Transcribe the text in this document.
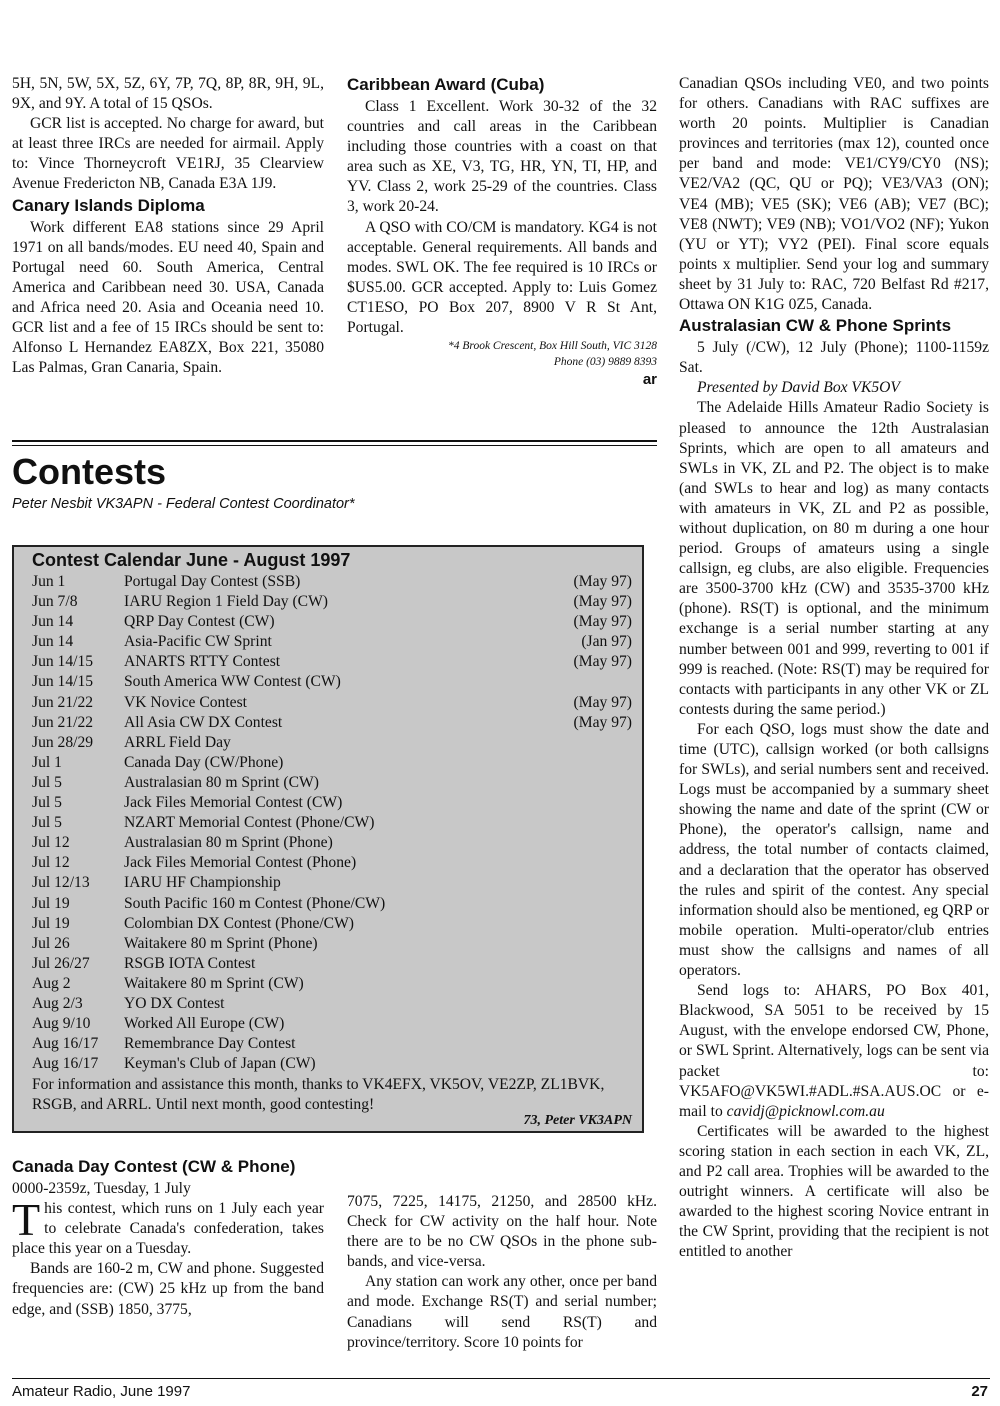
5H, 5N, 5W, 5X, 5Z, 6Y, 7P, 7Q, 8P, 8R, 9H, 9L, 9X, and 9Y. A total of 15 QSOs.

GCR list is accepted. No charge for award, but at least three IRCs are needed for airmail. Apply to: Vince Thorneycroft VE1RJ, 35 Clearview Avenue Fredericton NB, Canada E3A 1J9.

Canary Islands Diploma

Work different EA8 stations since 29 April 1971 on all bands/modes. EU need 40, Spain and Portugal need 60. South America, Central America and Caribbean need 30. USA, Canada and Africa need 20. Asia and Oceania need 10. GCR list and a fee of 15 IRCs should be sent to: Alfonso L Hernandez EA8ZX, Box 221, 35080 Las Palmas, Gran Canaria, Spain.

Caribbean Award (Cuba)

Class 1 Excellent. Work 30-32 of the 32 countries and call areas in the Caribbean including those countries with a coast on that area such as XE, V3, TG, HR, YN, TI, HP, and YV. Class 2, work 25-29 of the countries. Class 3, work 20-24.

A QSO with CO/CM is mandatory. KG4 is not acceptable. General requirements. All bands and modes. SWL OK. The fee required is 10 IRCs or $US5.00. GCR accepted. Apply to: Luis Gomez CT1ESO, PO Box 207, 8900 V R St Ant, Portugal.

*4 Brook Crescent, Box Hill South, VIC 3128
Phone (03) 9889 8393
ar
Contests
Peter Nesbit VK3APN - Federal Contest Coordinator*
Contest Calendar June - August 1997
Jun 1	Portugal Day Contest (SSB)	(May 97)
Jun 7/8	IARU Region 1 Field Day (CW)	(May 97)
Jun 14	QRP Day Contest (CW)	(May 97)
Jun 14	Asia-Pacific CW Sprint	(Jan 97)
Jun 14/15 ANARTS RTTY Contest	(May 97)
Jun 14/15 South America WW Contest (CW)
Jun 21/22 VK Novice Contest	(May 97)
Jun 21/22 All Asia CW DX Contest	(May 97)
Jun 28/29 ARRL Field Day
Jul 1	Canada Day (CW/Phone)
Jul 5	Australasian 80 m Sprint (CW)
Jul 5	Jack Files Memorial Contest (CW)
Jul 5	NZART Memorial Contest (Phone/CW)
Jul 12	Australasian 80 m Sprint (Phone)
Jul 12	Jack Files Memorial Contest (Phone)
Jul 12/13 IARU HF Championship
Jul 19	South Pacific 160 m Contest (Phone/CW)
Jul 19	Colombian DX Contest (Phone/CW)
Jul 26	Waitakere 80 m Sprint (Phone)
Jul 26/27 RSGB IOTA Contest
Aug 2	Waitakere 80 m Sprint (CW)
Aug 2/3	YO DX Contest
Aug 9/10 Worked All Europe (CW)
Aug 16/17 Remembrance Day Contest
Aug 16/17 Keyman's Club of Japan (CW)
For information and assistance this month, thanks to VK4EFX, VK5OV, VE2ZP, ZL1BVK, RSGB, and ARRL. Until next month, good contesting!
73, Peter VK3APN
Canada Day Contest (CW & Phone)

0000-2359z, Tuesday, 1 July

This contest, which runs on 1 July each year to celebrate Canada's confederation, takes place this year on a Tuesday.

Bands are 160-2 m, CW and phone. Suggested frequencies are: (CW) 25 kHz up from the band edge, and (SSB) 1850, 3775,

7075, 7225, 14175, 21250, and 28500 kHz. Check for CW activity on the half hour. Note there are to be no CW QSOs in the phone sub-bands, and vice-versa.

Any station can work any other, once per band and mode. Exchange RS(T) and serial number; Canadians will send RS(T) and province/territory. Score 10 points for

Canadian QSOs including VE0, and two points for others. Canadians with RAC suffixes are worth 20 points. Multiplier is Canadian provinces and territories (max 12), counted once per band and mode: VE1/CY9/CY0 (NS); VE2/VA2 (QC, QU or PQ); VE3/VA3 (ON); VE4 (MB); VE5 (SK); VE6 (AB); VE7 (BC); VE8 (NWT); VE9 (NB); VO1/VO2 (NF); Yukon (YU or YT); VY2 (PEI). Final score equals points x multiplier. Send your log and summary sheet by 31 July to: RAC, 720 Belfast Rd #217, Ottawa ON K1G 0Z5, Canada.

Australasian CW & Phone Sprints

5 July (/CW), 12 July (Phone); 1100-1159z Sat.

Presented by David Box VK5OV

The Adelaide Hills Amateur Radio Society is pleased to announce the 12th Australasian Sprints, which are open to all amateurs and SWLs in VK, ZL and P2. The object is to make (and SWLs to hear and log) as many contacts with amateurs in VK, ZL and P2 as possible, without duplication, on 80 m during a one hour period. Groups of amateurs using a single callsign, eg clubs, are also eligible. Frequencies are 3500-3700 kHz (CW) and 3535-3700 kHz (phone). RS(T) is optional, and the minimum exchange is a serial number starting at any number between 001 and 999, reverting to 001 if 999 is reached. (Note: RS(T) may be required for contacts with participants in any other VK or ZL contests during the same period.)

For each QSO, logs must show the date and time (UTC), callsign worked (or both callsigns for SWLs), and serial numbers sent and received. Logs must be accompanied by a summary sheet showing the name and date of the sprint (CW or Phone), the operator's callsign, name and address, the total number of contacts claimed, and a declaration that the operator has observed the rules and spirit of the contest. Any special information should also be mentioned, eg QRP or mobile operation. Multi-operator/club entries must show the callsigns and names of all operators.

Send logs to: AHARS, PO Box 401, Blackwood, SA 5051 to be received by 15 August, with the envelope endorsed CW, Phone, or SWL Sprint. Alternatively, logs can be sent via packet to: VK5AFO@VK5WI.#ADL.#SA.AUS.OC or e-mail to cavidj@picknowl.com.au

Certificates will be awarded to the highest scoring station in each section in each VK, ZL, and P2 call area. Trophies will be awarded to the outright winners. A certificate will also be awarded to the highest scoring Novice entrant in the CW Sprint, providing that the recipient is not entitled to another

Amateur Radio, June 1997	27
